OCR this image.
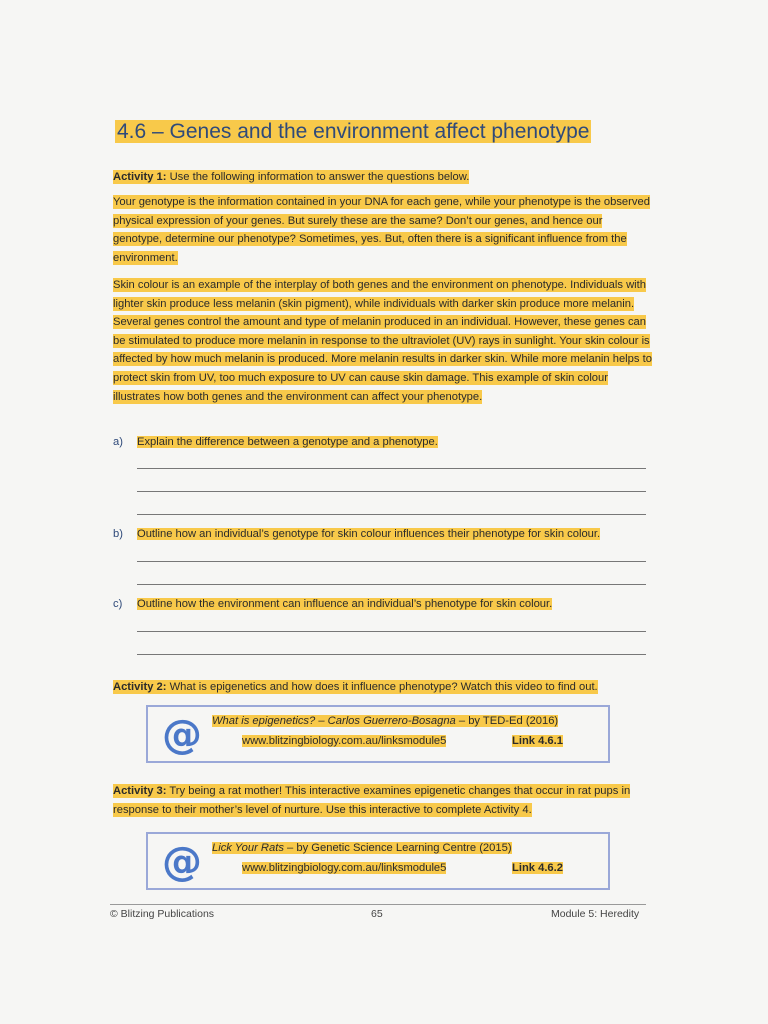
4.6 – Genes and the environment affect phenotype

Activity 1: Use the following information to answer the questions below.

Your genotype is the information contained in your DNA for each gene, while your phenotype is the observed physical expression of your genes. But surely these are the same? Don’t our genes, and hence our genotype, determine our phenotype? Sometimes, yes. But, often there is a significant influence from the environment.

Skin colour is an example of the interplay of both genes and the environment on phenotype. Individuals with lighter skin produce less melanin (skin pigment), while individuals with darker skin produce more melanin. Several genes control the amount and type of melanin produced in an individual. However, these genes can be stimulated to produce more melanin in response to the ultraviolet (UV) rays in sunlight. Your skin colour is affected by how much melanin is produced. More melanin results in darker skin. While more melanin helps to protect skin from UV, too much exposure to UV can cause skin damage. This example of skin colour illustrates how both genes and the environment can affect your phenotype.

a) Explain the difference between a genotype and a phenotype.
b) Outline how an individual’s genotype for skin colour influences their phenotype for skin colour.
c) Outline how the environment can influence an individual’s phenotype for skin colour.

Activity 2: What is epigenetics and how does it influence phenotype? Watch this video to find out.

@ What is epigenetics? – Carlos Guerrero-Bosagna – by TED-Ed (2016)
www.blitzingbiology.com.au/linksmodule5	Link 4.6.1

Activity 3: Try being a rat mother! This interactive examines epigenetic changes that occur in rat pups in response to their mother’s level of nurture. Use this interactive to complete Activity 4.

@ Lick Your Rats – by Genetic Science Learning Centre (2015)
www.blitzingbiology.com.au/linksmodule5	Link 4.6.2
© Blitzing Publications	65	Module 5: Heredity
